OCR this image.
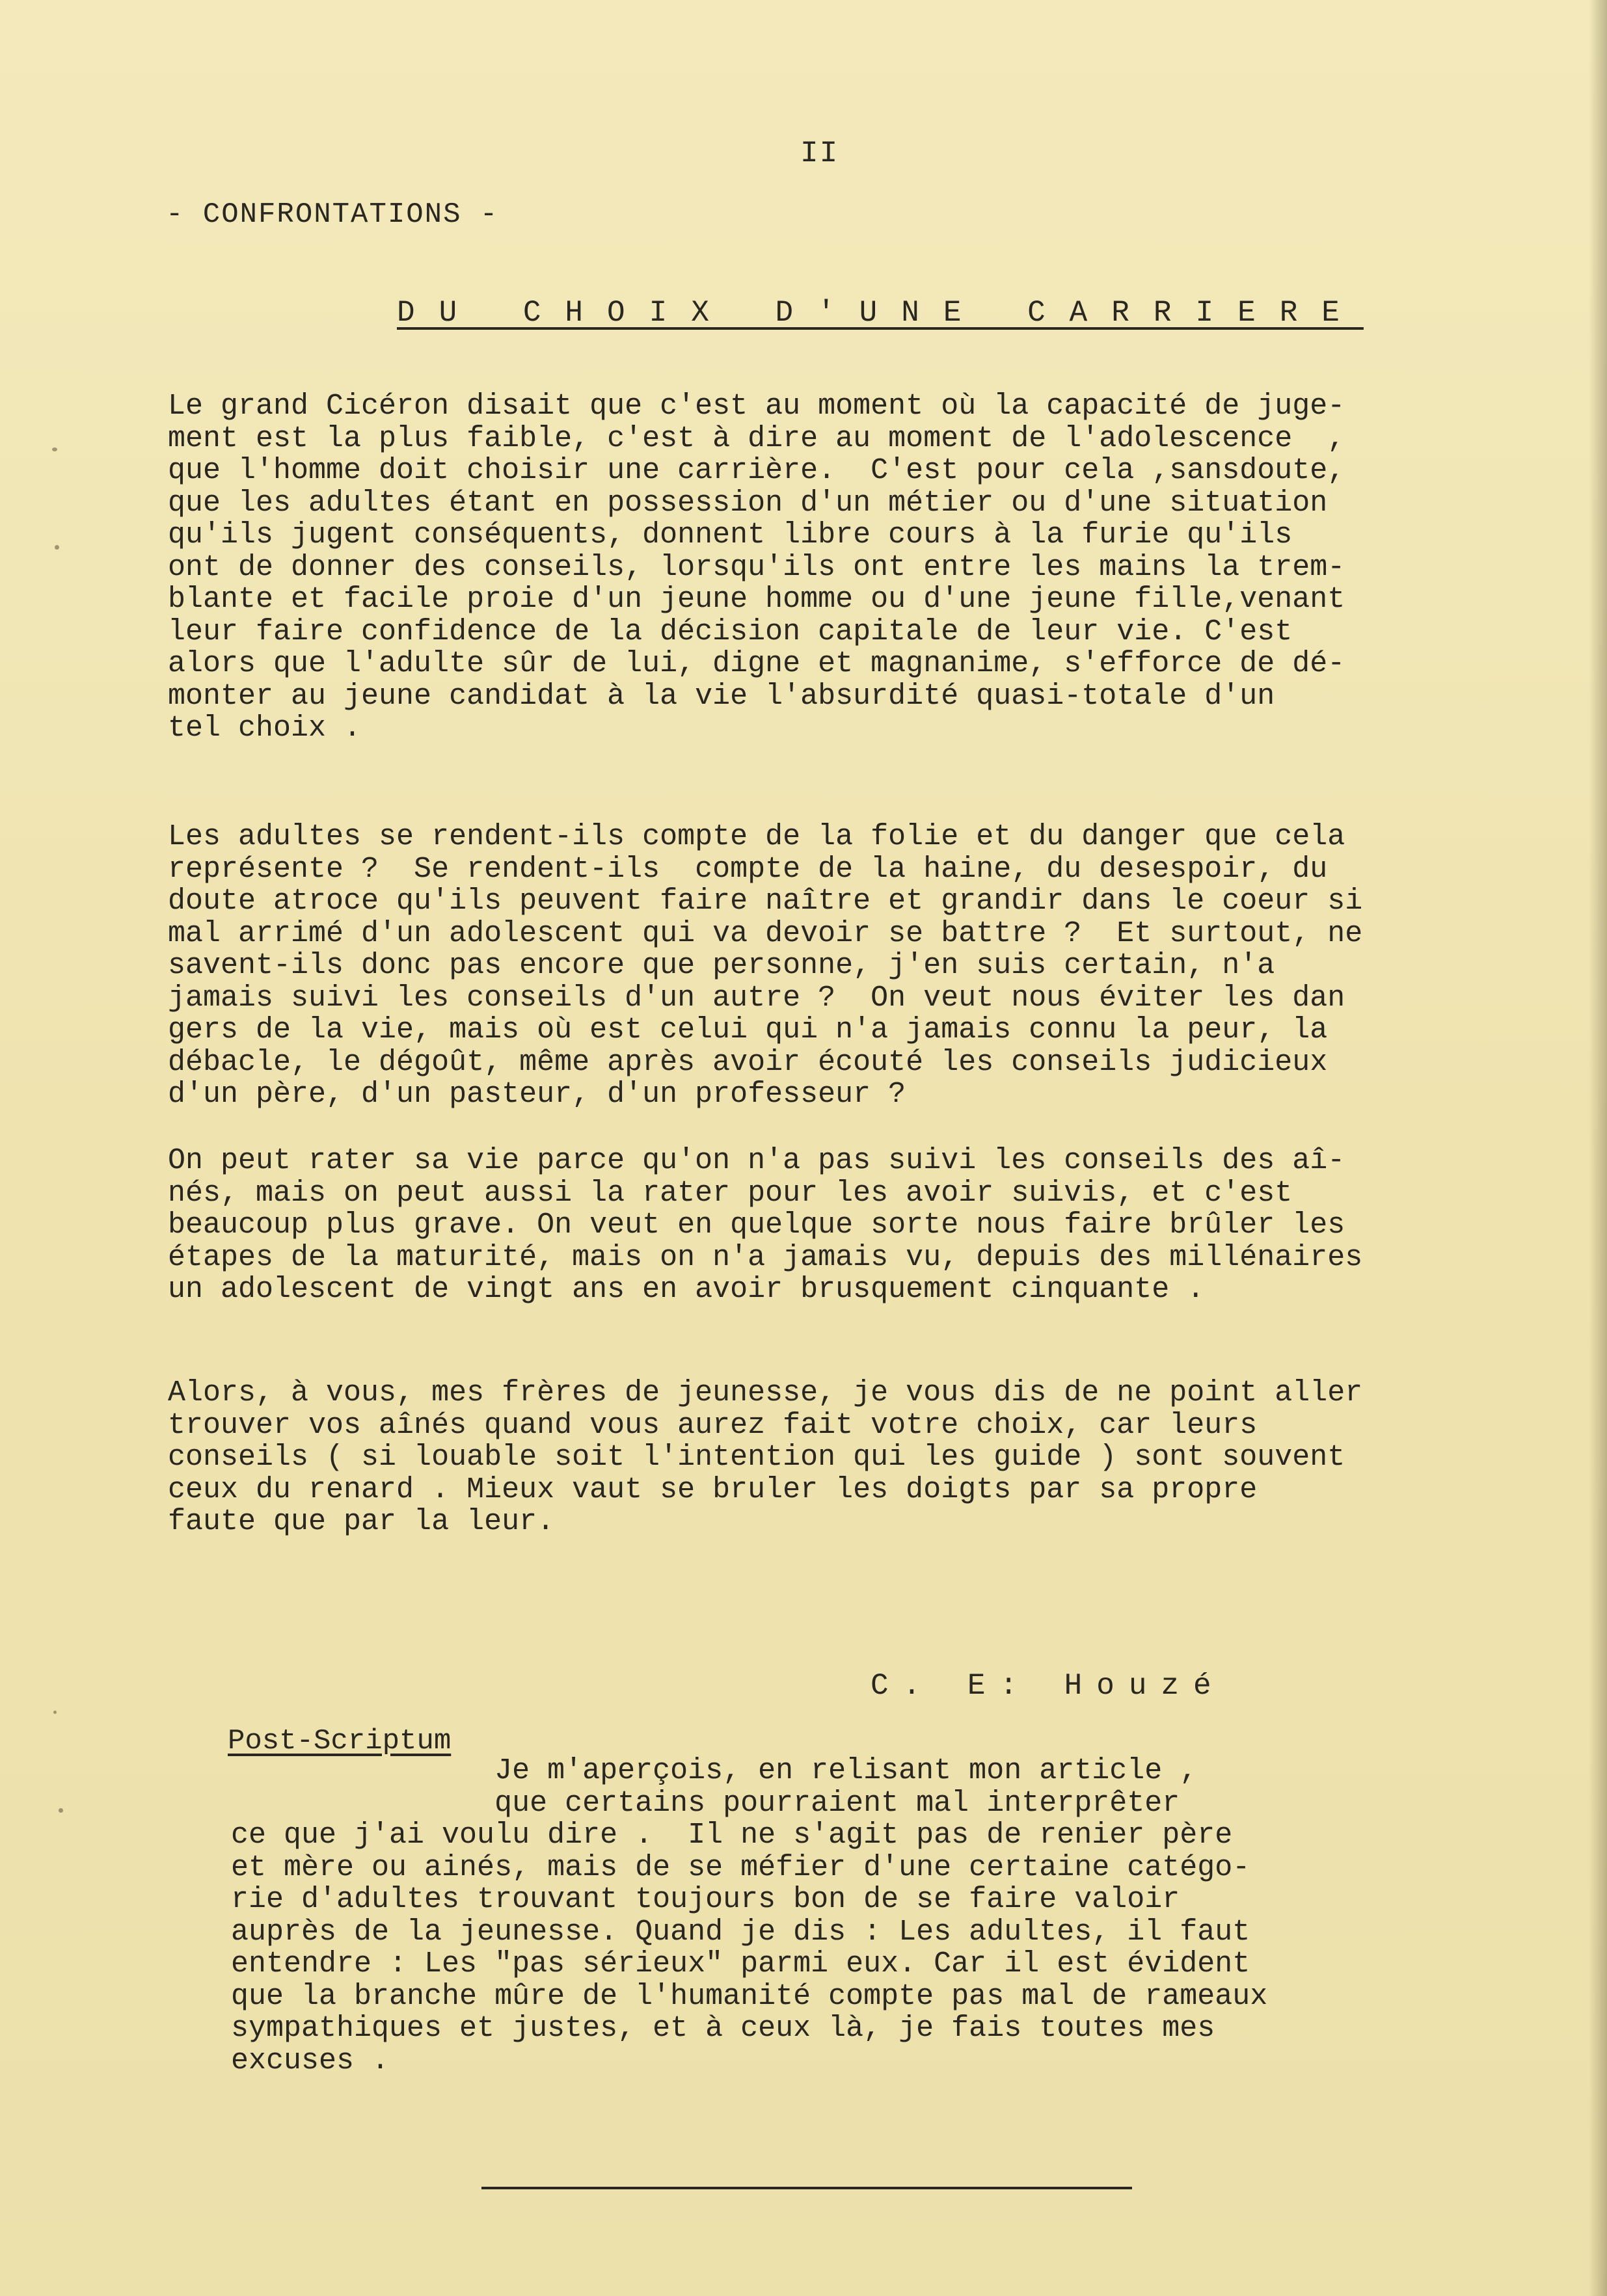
II
- CONFRONTATIONS -
DU CHOIX D'UNE CARRIERE

Le grand Cicéron disait que c'est au moment où la capacité de juge-
ment est la plus faible, c'est à dire au moment de l'adolescence  ,
que l'homme doit choisir une carrière.  C'est pour cela ,sansdoute,
que les adultes étant en possession d'un métier ou d'une situation
qu'ils jugent conséquents, donnent libre cours à la furie qu'ils
ont de donner des conseils, lorsqu'ils ont entre les mains la trem-
blante et facile proie d'un jeune homme ou d'une jeune fille,venant
leur faire confidence de la décision capitale de leur vie. C'est
alors que l'adulte sûr de lui, digne et magnanime, s'efforce de dé-
monter au jeune candidat à la vie l'absurdité quasi-totale d'un
tel choix .

Les adultes se rendent-ils compte de la folie et du danger que cela
représente ?  Se rendent-ils  compte de la haine, du desespoir, du
doute atroce qu'ils peuvent faire naître et grandir dans le coeur si
mal arrimé d'un adolescent qui va devoir se battre ?  Et surtout, ne
savent-ils donc pas encore que personne, j'en suis certain, n'a
jamais suivi les conseils d'un autre ?  On veut nous éviter les dan
gers de la vie, mais où est celui qui n'a jamais connu la peur, la
débacle, le dégoût, même après avoir écouté les conseils judicieux
d'un père, d'un pasteur, d'un professeur ?

On peut rater sa vie parce qu'on n'a pas suivi les conseils des aî-
nés, mais on peut aussi la rater pour les avoir suivis, et c'est
beaucoup plus grave. On veut en quelque sorte nous faire brûler les
étapes de la maturité, mais on n'a jamais vu, depuis des millénaires
un adolescent de vingt ans en avoir brusquement cinquante .

Alors, à vous, mes frères de jeunesse, je vous dis de ne point aller
trouver vos aînés quand vous aurez fait votre choix, car leurs
conseils ( si louable soit l'intention qui les guide ) sont souvent
ceux du renard . Mieux vaut se bruler les doigts par sa propre
faute que par la leur.

C. E: Houzé
Post-Scriptum

Je m'aperçois, en relisant mon article ,
que certains pourraient mal interprêter
ce que j'ai voulu dire .  Il ne s'agit pas de renier père
et mère ou ainés, mais de se méfier d'une certaine catégo-
rie d'adultes trouvant toujours bon de se faire valoir
auprès de la jeunesse. Quand je dis : Les adultes, il faut
entendre : Les "pas sérieux" parmi eux. Car il est évident
que la branche mûre de l'humanité compte pas mal de rameaux
sympathiques et justes, et à ceux là, je fais toutes mes
excuses .
